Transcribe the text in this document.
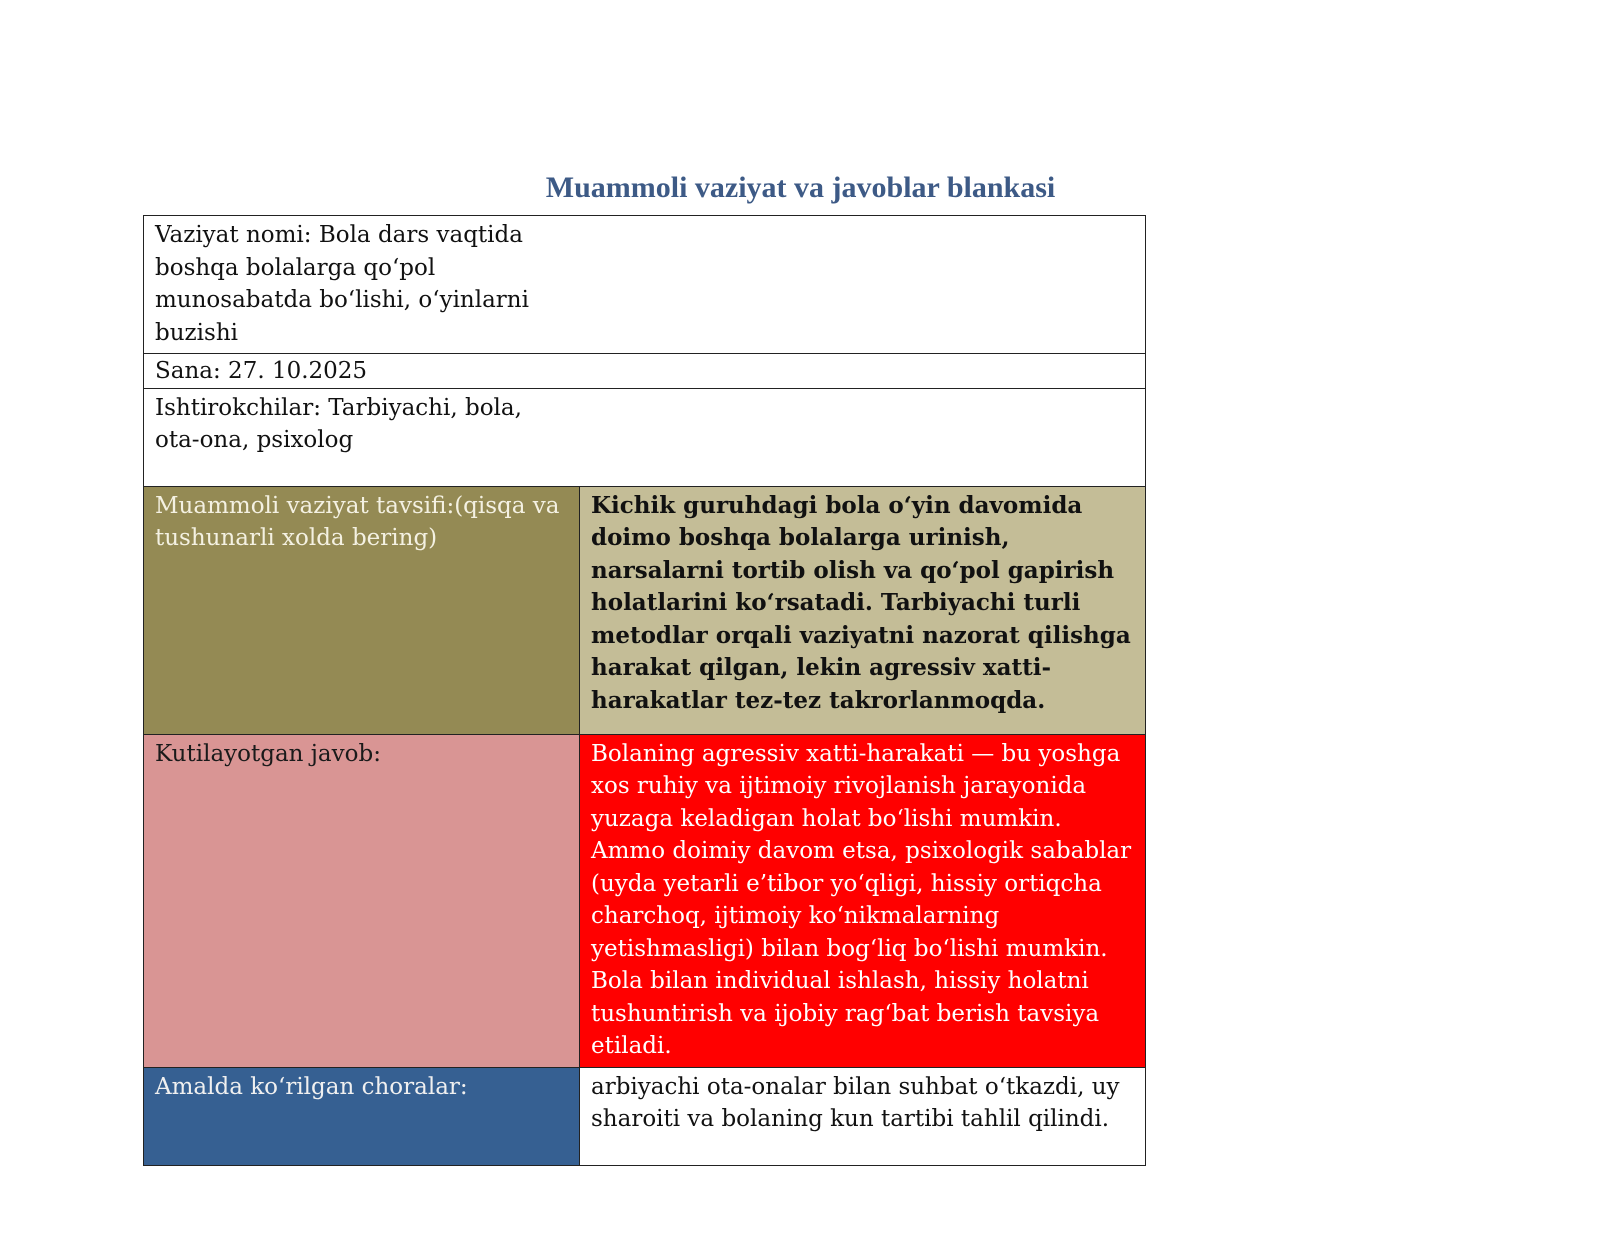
Muammoli vaziyat va javoblar blankasi
Vaziyat nomi: Bola dars vaqtida boshqa bolalarga qo‘pol munosabatda bo‘lishi, o‘yinlarni buzishi	
Sana: 27. 10.2025	
Ishtirokchilar: Tarbiyachi, bola, ota-ona, psixolog	
Muammoli vaziyat tavsifi:(qisqa va tushunarli xolda bering)	Kichik guruhdagi bola o‘yin davomida doimo boshqa bolalarga urinish, narsalarni tortib olish va qo‘pol gapirish holatlarini ko‘rsatadi. Tarbiyachi turli metodlar orqali vaziyatni nazorat qilishga harakat qilgan, lekin agressiv xatti-harakatlar tez-tez takrorlanmoqda.
Kutilayotgan javob:	Bolaning agressiv xatti-harakati — bu yoshga xos ruhiy va ijtimoiy rivojlanish jarayonida yuzaga keladigan holat bo‘lishi mumkin. Ammo doimiy davom etsa, psixologik sabablar (uyda yetarli e’tibor yo‘qligi, hissiy ortiqcha charchoq, ijtimoiy ko‘nikmalarning yetishmasligi) bilan bog‘liq bo‘lishi mumkin. Bola bilan individual ishlash, hissiy holatni tushuntirish va ijobiy rag‘bat berish tavsiya etiladi.
Amalda ko‘rilgan choralar:	arbiyachi ota-onalar bilan suhbat o‘tkazdi, uy sharoiti va bolaning kun tartibi tahlil qilindi.
